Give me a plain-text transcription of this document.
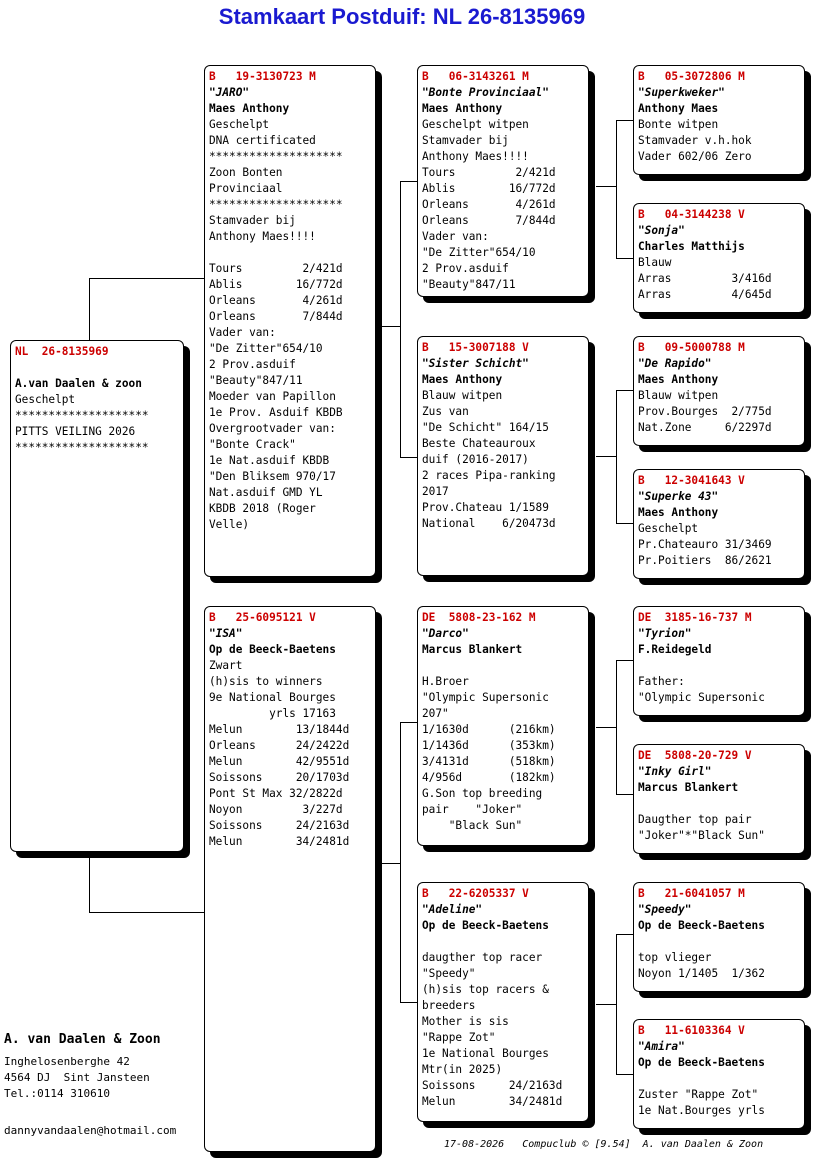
Stamkaart Postduif: NL 26-8135969
NL  26-8135969
A.van Daalen & zoon
Geschelpt
********************
PITTS VEILING 2026
********************
B   19-3130723 M
"JARO"
Maes Anthony
Geschelpt
DNA certificated
********************
Zoon Bonten
Provinciaal
********************
Stamvader bij
Anthony Maes!!!!
Tours         2/421d
Ablis        16/772d
Orleans       4/261d
Orleans       7/844d
Vader van:
"De Zitter"654/10
2 Prov.asduif
"Beauty"847/11
Moeder van Papillon
1e Prov. Asduif KBDB
Overgrootvader van:
"Bonte Crack"
1e Nat.asduif KBDB
"Den Bliksem 970/17
Nat.asduif GMD YL
KBDB 2018 (Roger
Velle)
B   25-6095121 V
"ISA"
Op de Beeck-Baetens
Zwart
(h)sis to winners
9e National Bourges
yrls 17163
Melun        13/1844d
Orleans      24/2422d
Melun        42/9551d
Soissons     20/1703d
Pont St Max 32/2822d
Noyon         3/227d
Soissons     24/2163d
Melun        34/2481d
B   06-3143261 M
"Bonte Provinciaal"
Maes Anthony
Geschelpt witpen
Stamvader bij
Anthony Maes!!!!
Tours         2/421d
Ablis        16/772d
Orleans       4/261d
Orleans       7/844d
Vader van:
"De Zitter"654/10
2 Prov.asduif
"Beauty"847/11
B   15-3007188 V
"Sister Schicht"
Maes Anthony
Blauw witpen
Zus van
"De Schicht" 164/15
Beste Chateauroux
duif (2016-2017)
2 races Pipa-ranking
2017
Prov.Chateau 1/1589
National    6/20473d
DE  5808-23-162 M
"Darco"
Marcus Blankert
H.Broer
"Olympic Supersonic
207"
1/1630d      (216km)
1/1436d      (353km)
3/4131d      (518km)
4/956d       (182km)
G.Son top breeding
pair    "Joker"
"Black Sun"
B   22-6205337 V
"Adeline"
Op de Beeck-Baetens
daugther top racer
"Speedy"
(h)sis top racers &
breeders
Mother is sis
"Rappe Zot"
1e National Bourges
Mtr(in 2025)
Soissons     24/2163d
Melun        34/2481d
B   05-3072806 M
"Superkweker"
Anthony Maes
Bonte witpen
Stamvader v.h.hok
Vader 602/06 Zero
B   04-3144238 V
"Sonja"
Charles Matthijs
Blauw
Arras         3/416d
Arras         4/645d
B   09-5000788 M
"De Rapido"
Maes Anthony
Blauw witpen
Prov.Bourges  2/775d
Nat.Zone     6/2297d
B   12-3041643 V
"Superke 43"
Maes Anthony
Geschelpt
Pr.Chateauro 31/3469
Pr.Poitiers  86/2621
DE  3185-16-737 M
"Tyrion"
F.Reidegeld
Father:
"Olympic Supersonic
DE  5808-20-729 V
"Inky Girl"
Marcus Blankert
Daugther top pair
"Joker"*"Black Sun"
B   21-6041057 M
"Speedy"
Op de Beeck-Baetens
top vlieger
Noyon 1/1405  1/362
B   11-6103364 V
"Amira"
Op de Beeck-Baetens
Zuster "Rappe Zot"
1e Nat.Bourges yrls
A. van Daalen & Zoon
Inghelosenberghe 42
4564 DJ  Sint Jansteen
Tel.:0114 310610
dannyvandaalen@hotmail.com
17-08-2026   Compuclub © [9.54]  A. van Daalen & Zoon
